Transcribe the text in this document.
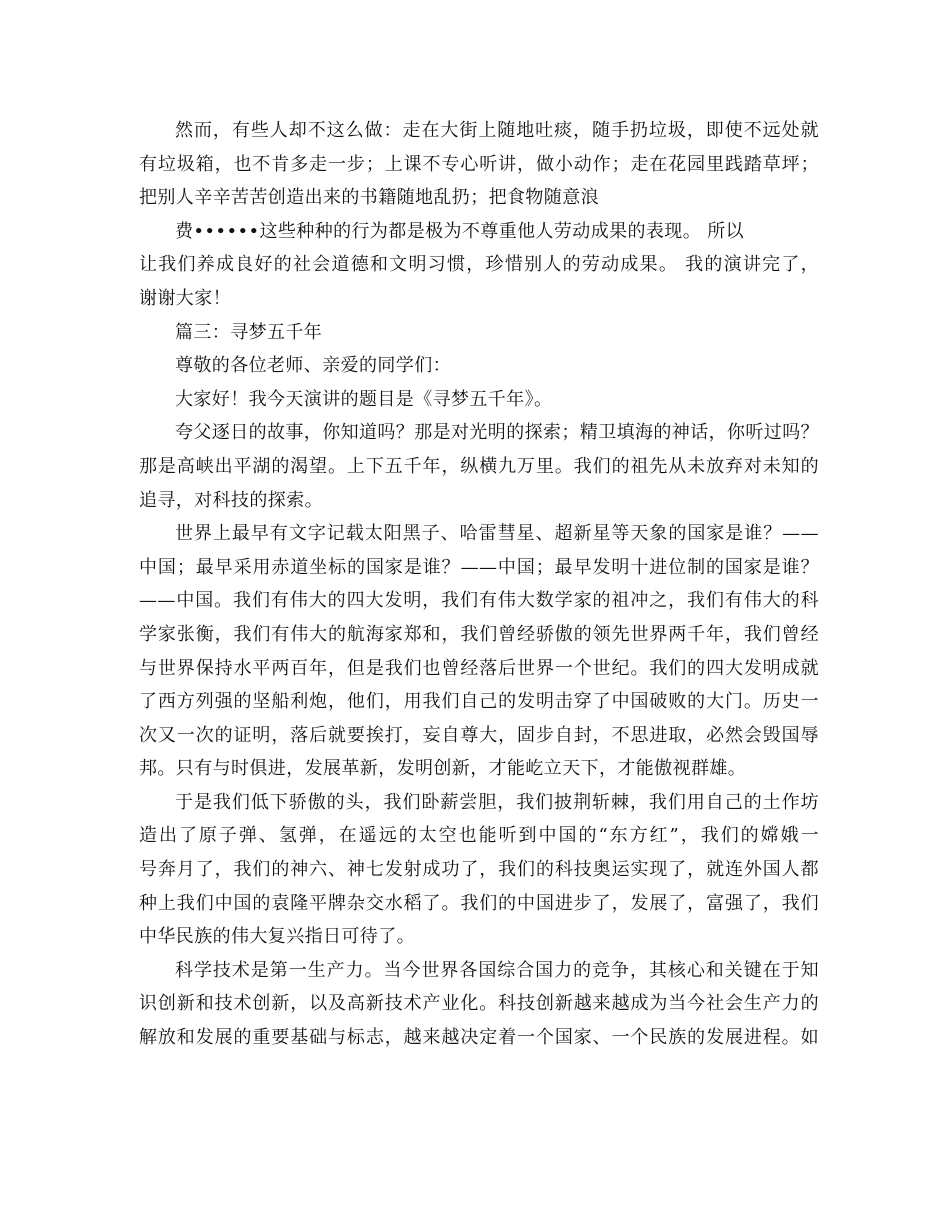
然而，有些人却不这么做：走在大街上随地吐痰，随手扔垃圾，即使不远处就
有垃圾箱，也不肯多走一步；上课不专心听讲，做小动作；走在花园里践踏草坪；
把别人辛辛苦苦创造出来的书籍随地乱扔；把食物随意浪
费••••••这些种种的行为都是极为不尊重他人劳动成果的表现。 所以
让我们养成良好的社会道德和文明习惯，珍惜别人的劳动成果。 我的演讲完了，
谢谢大家！
篇三：寻梦五千年
尊敬的各位老师、亲爱的同学们：
大家好！我今天演讲的题目是《寻梦五千年》。
夸父逐日的故事，你知道吗？那是对光明的探索；精卫填海的神话，你听过吗？
那是高峡出平湖的渴望。上下五千年，纵横九万里。我们的祖先从未放弃对未知的
追寻，对科技的探索。
世界上最早有文字记载太阳黑子、哈雷彗星、超新星等天象的国家是谁？——
中国；最早采用赤道坐标的国家是谁？——中国；最早发明十进位制的国家是谁？
——中国。我们有伟大的四大发明，我们有伟大数学家的祖冲之，我们有伟大的科
学家张衡，我们有伟大的航海家郑和，我们曾经骄傲的领先世界两千年，我们曾经
与世界保持水平两百年，但是我们也曾经落后世界一个世纪。我们的四大发明成就
了西方列强的坚船利炮，他们，用我们自己的发明击穿了中国破败的大门。历史一
次又一次的证明，落后就要挨打，妄自尊大，固步自封，不思进取，必然会毁国辱
邦。只有与时俱进，发展革新，发明创新，才能屹立天下，才能傲视群雄。
于是我们低下骄傲的头，我们卧薪尝胆，我们披荆斩棘，我们用自己的土作坊
造出了原子弹、氢弹，在遥远的太空也能听到中国的“东方红”，我们的嫦娥一
号奔月了，我们的神六、神七发射成功了，我们的科技奥运实现了，就连外国人都
种上我们中国的袁隆平牌杂交水稻了。我们的中国进步了，发展了，富强了，我们
中华民族的伟大复兴指日可待了。
科学技术是第一生产力。当今世界各国综合国力的竞争，其核心和关键在于知
识创新和技术创新，以及高新技术产业化。科技创新越来越成为当今社会生产力的
解放和发展的重要基础与标志，越来越决定着一个国家、一个民族的发展进程。如
